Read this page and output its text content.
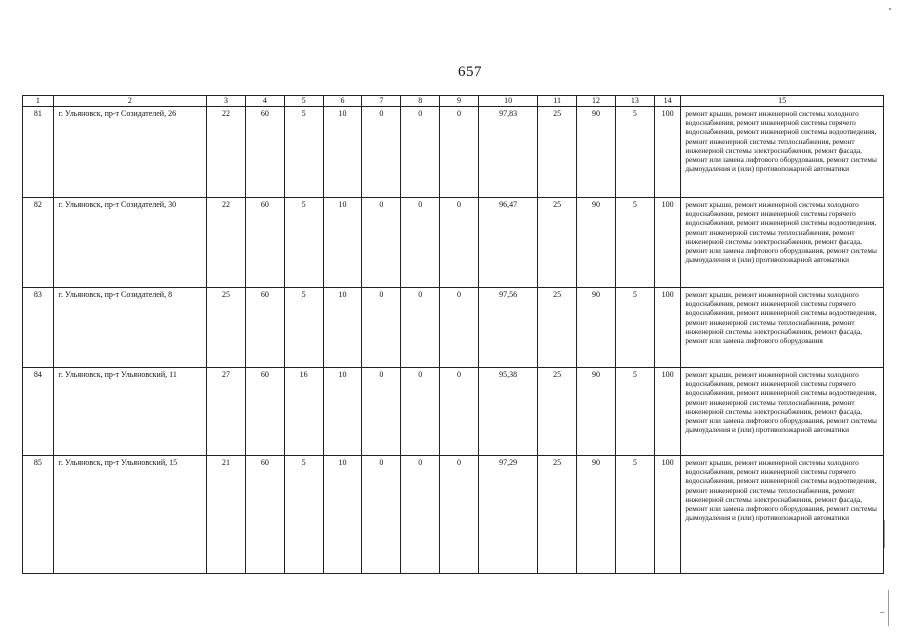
657
1	2	3	4	5	6	7	8	9	10	11	12	13	14	15
81	г. Ульяновск, пр-т Созидателей, 26	22	60	5	10	0	0	0	97,83	25	90	5	100	ремонт крыши, ремонт инженерной системы холодного водоснабжения, ремонт инженерной системы горячего водоснабжения, ремонт инженерной системы водоотведения, ремонт инженерной системы теплоснабжения, ремонт инженерной системы электроснабжения, ремонт фасада, ремонт или замена лифтового оборудования, ремонт системы дымоудаления и (или) противопожарной автоматики
82	г. Ульяновск, пр-т Созидателей, 30	22	60	5	10	0	0	0	96,47	25	90	5	100	ремонт крыши, ремонт инженерной системы холодного водоснабжения, ремонт инженерной системы горячего водоснабжения, ремонт инженерной системы водоотведения, ремонт инженерной системы теплоснабжения, ремонт инженерной системы электроснабжения, ремонт фасада, ремонт или замена лифтового оборудования, ремонт системы дымоудаления и (или) противопожарной автоматики
83	г. Ульяновск, пр-т Созидателей, 8	25	60	5	10	0	0	0	97,56	25	90	5	100	ремонт крыши, ремонт инженерной системы холодного водоснабжения, ремонт инженерной системы горячего водоснабжения, ремонт инженерной системы водоотведения, ремонт инженерной системы теплоснабжения, ремонт инженерной системы электроснабжения, ремонт фасада, ремонт или замена лифтового оборудования
84	г. Ульяновск, пр-т Ульяновский, 11	27	60	16	10	0	0	0	95,38	25	90	5	100	ремонт крыши, ремонт инженерной системы холодного водоснабжения, ремонт инженерной системы горячего водоснабжения, ремонт инженерной системы водоотведения, ремонт инженерной системы теплоснабжения, ремонт инженерной системы электроснабжения, ремонт фасада, ремонт или замена лифтового оборудования, ремонт системы дымоудаления и (или) противопожарной автоматики
85	г. Ульяновск, пр-т Ульяновский, 15	21	60	5	10	0	0	0	97,29	25	90	5	100	ремонт крыши, ремонт инженерной системы холодного водоснабжения, ремонт инженерной системы горячего водоснабжения, ремонт инженерной системы водоотведения, ремонт инженерной системы теплоснабжения, ремонт инженерной системы электроснабжения, ремонт фасада, ремонт или замена лифтового оборудования, ремонт системы дымоудаления и (или) противопожарной автоматики
